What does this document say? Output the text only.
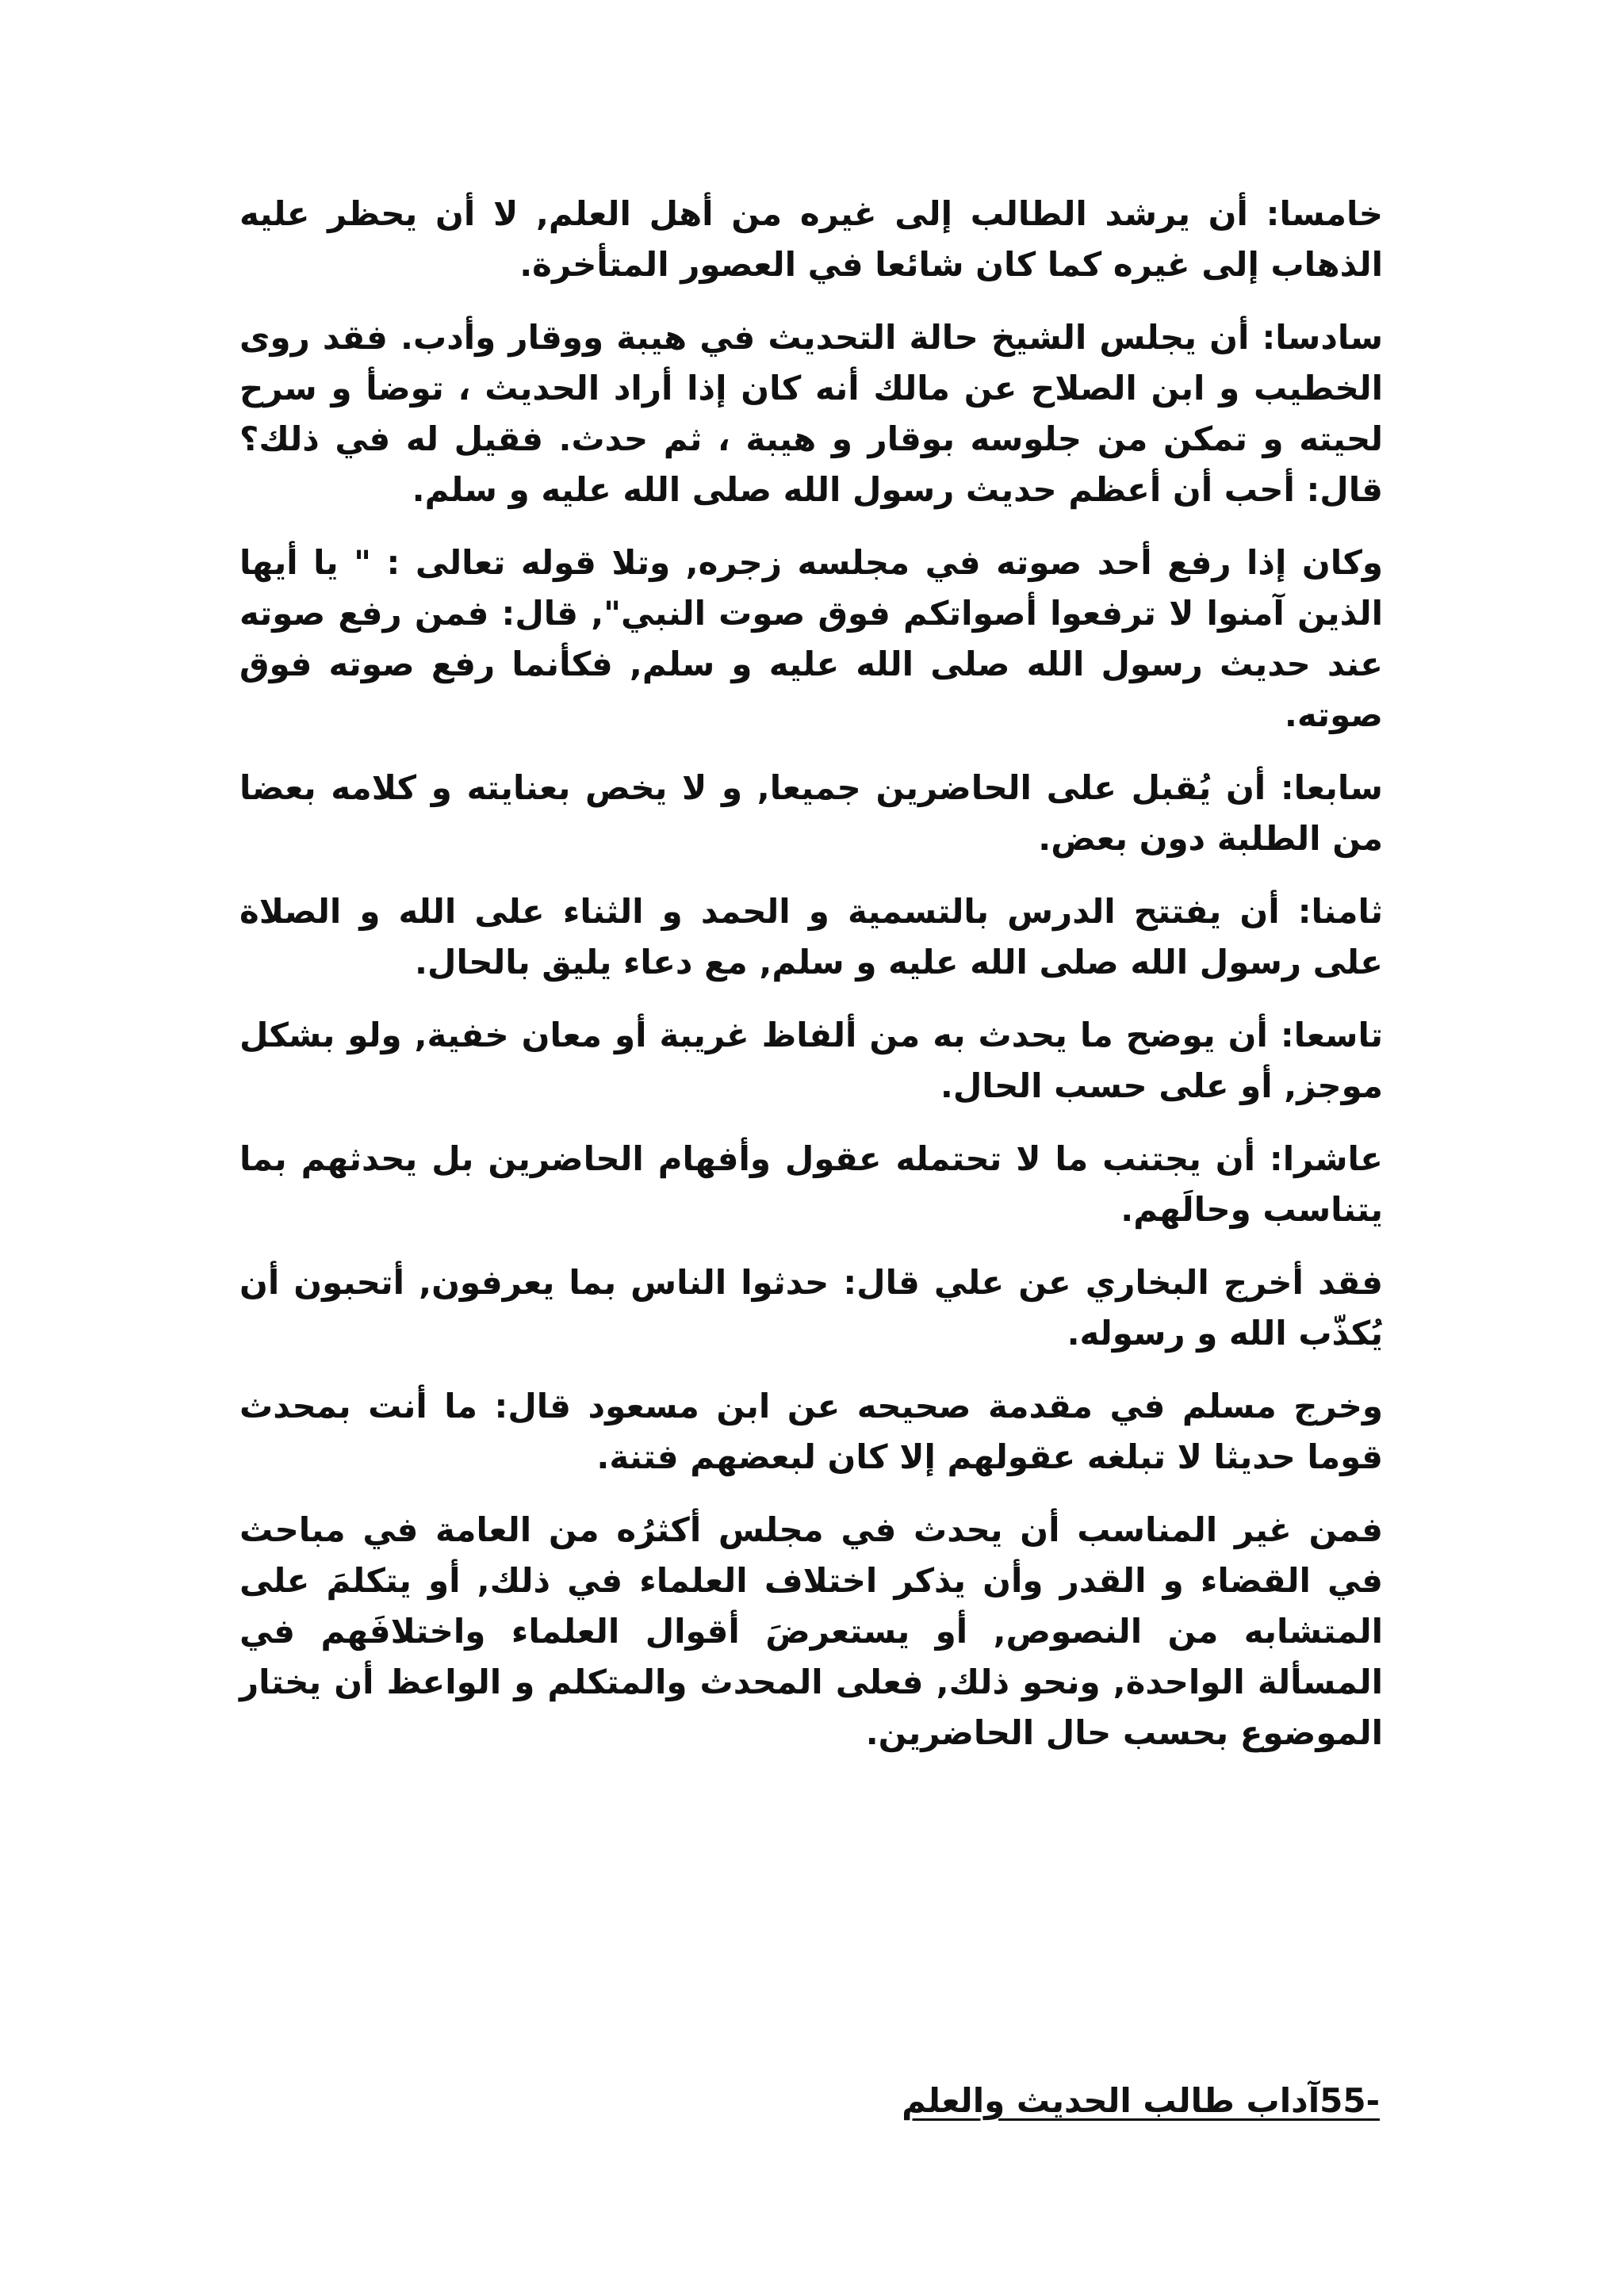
خامسا: أن يرشد الطالب إلى غيره من أهل العلم, لا أن يحظر عليه الذهاب إلى غيره كما كان شائعا في العصور المتأخرة.

سادسا: أن يجلس الشيخ حالة التحديث في هيبة ووقار وأدب. فقد روى الخطيب و ابن الصلاح عن مالك أنه كان إذا أراد الحديث ، توضأ و سرح لحيته و تمكن من جلوسه بوقار و هيبة ، ثم حدث. فقيل له في ذلك؟ قال: أحب أن أعظم حديث رسول الله صلى الله عليه و سلم.

وكان إذا رفع أحد صوته في مجلسه زجره, وتلا قوله تعالى : " يا أيها الذين آمنوا لا ترفعوا أصواتكم فوق صوت النبي", قال: فمن رفع صوته عند حديث رسول الله صلى الله عليه و سلم, فكأنما رفع صوته فوق صوته.

سابعا: أن يُقبل على الحاضرين جميعا, و لا يخص بعنايته و كلامه بعضا من الطلبة دون بعض.

ثامنا: أن يفتتح الدرس بالتسمية و الحمد و الثناء على الله و الصلاة على رسول الله صلى الله عليه و سلم, مع دعاء يليق بالحال.

تاسعا: أن يوضح ما يحدث به من ألفاظ غريبة أو معان خفية, ولو بشكل موجز, أو على حسب الحال.

عاشرا: أن يجتنب ما لا تحتمله عقول وأفهام الحاضرين بل يحدثهم بما يتناسب وحالَهم.

فقد أخرج البخاري عن علي قال: حدثوا الناس بما يعرفون, أتحبون أن يُكذّب الله و رسوله.

وخرج مسلم في مقدمة صحيحه عن ابن مسعود قال: ما أنت بمحدث قوما حديثا لا تبلغه عقولهم إلا كان لبعضهم فتنة.

فمن غير المناسب أن يحدث في مجلس أكثرُه من العامة في مباحث في القضاء و القدر وأن يذكر اختلاف العلماء في ذلك, أو يتكلمَ على المتشابه من النصوص, أو يستعرضَ أقوال العلماء واختلافَهم في المسألة الواحدة, ونحو ذلك, فعلى المحدث والمتكلم و الواعظ أن يختار الموضوع بحسب حال الحاضرين.

-55آداب طالب الحديث والعلم
